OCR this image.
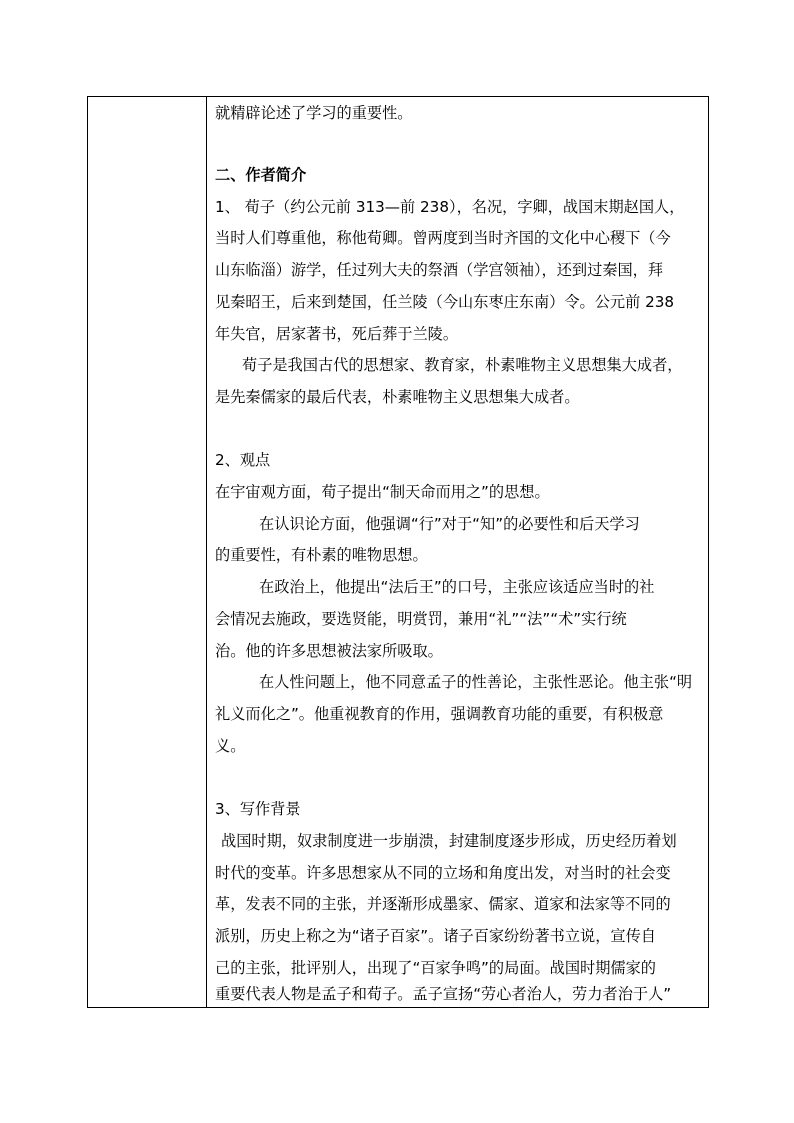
就精辟论述了学习的重要性。
二、作者简介
1、 荀子（约公元前 313—前 238），名况，字卿，战国末期赵国人，
当时人们尊重他，称他荀卿。曾两度到当时齐国的文化中心稷下（今
山东临淄）游学，任过列大夫的祭酒（学宫领袖），还到过秦国，拜
见秦昭王，后来到楚国，任兰陵（今山东枣庄东南）令。公元前 238
年失官，居家著书，死后葬于兰陵。
荀子是我国古代的思想家、教育家，朴素唯物主义思想集大成者，
是先秦儒家的最后代表，朴素唯物主义思想集大成者。
2、观点
在宇宙观方面，荀子提出“制天命而用之”的思想。
在认识论方面，他强调“行”对于“知”的必要性和后天学习
的重要性，有朴素的唯物思想。
在政治上，他提出“法后王”的口号，主张应该适应当时的社
会情况去施政，要选贤能，明赏罚，兼用“礼”“法”“术”实行统
治。他的许多思想被法家所吸取。
在人性问题上，他不同意孟子的性善论，主张性恶论。他主张“明
礼义而化之”。他重视教育的作用，强调教育功能的重要，有积极意
义。
3、写作背景
战国时期，奴隶制度进一步崩溃，封建制度逐步形成，历史经历着划
时代的变革。许多思想家从不同的立场和角度出发，对当时的社会变
革，发表不同的主张，并逐渐形成墨家、儒家、道家和法家等不同的
派别，历史上称之为“诸子百家”。诸子百家纷纷著书立说，宣传自
己的主张，批评别人，出现了“百家争鸣”的局面。战国时期儒家的
重要代表人物是孟子和荀子。孟子宣扬“劳心者治人，劳力者治于人”
